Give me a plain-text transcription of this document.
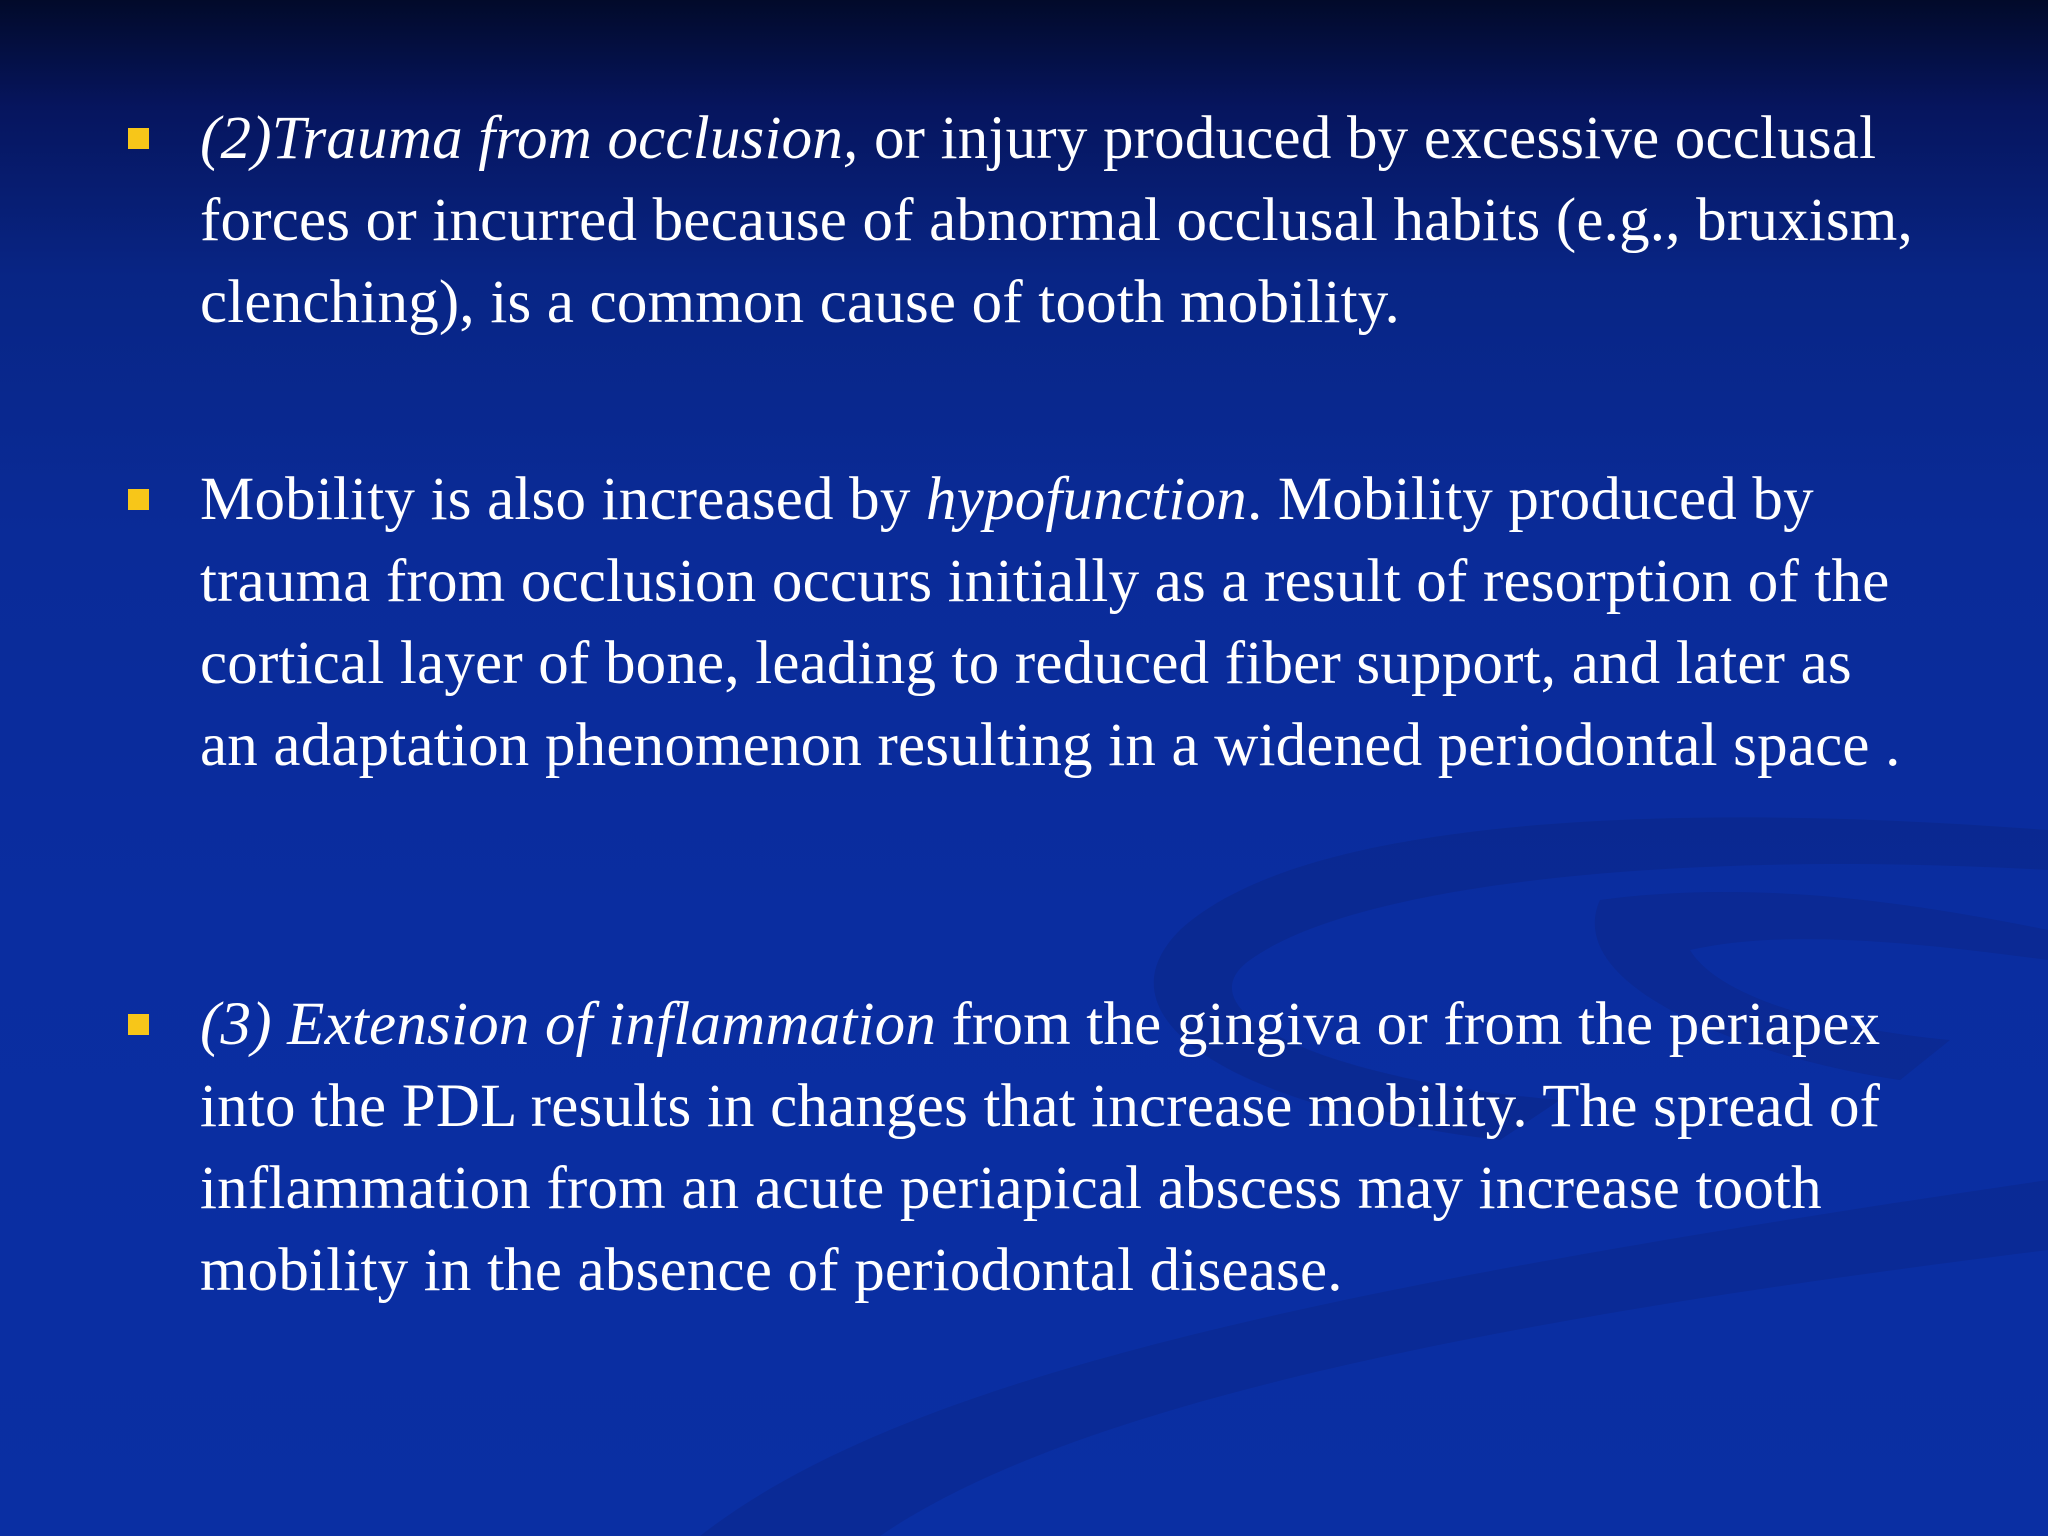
(2)Trauma from occlusion, or injury produced by excessive occlusal forces or incurred because of abnormal occlusal habits (e.g., bruxism, clenching), is a common cause of tooth mobility.

Mobility is also increased by hypofunction. Mobility produced by trauma from occlusion occurs initially as a result of resorption of the cortical layer of bone, leading to reduced fiber support, and later as an adaptation phenomenon resulting in a widened periodontal space .

(3) Extension of inflammation from the gingiva or from the periapex into the PDL results in changes that increase mobility. The spread of inflammation from an acute periapical abscess may increase tooth mobility in the absence of periodontal disease.
